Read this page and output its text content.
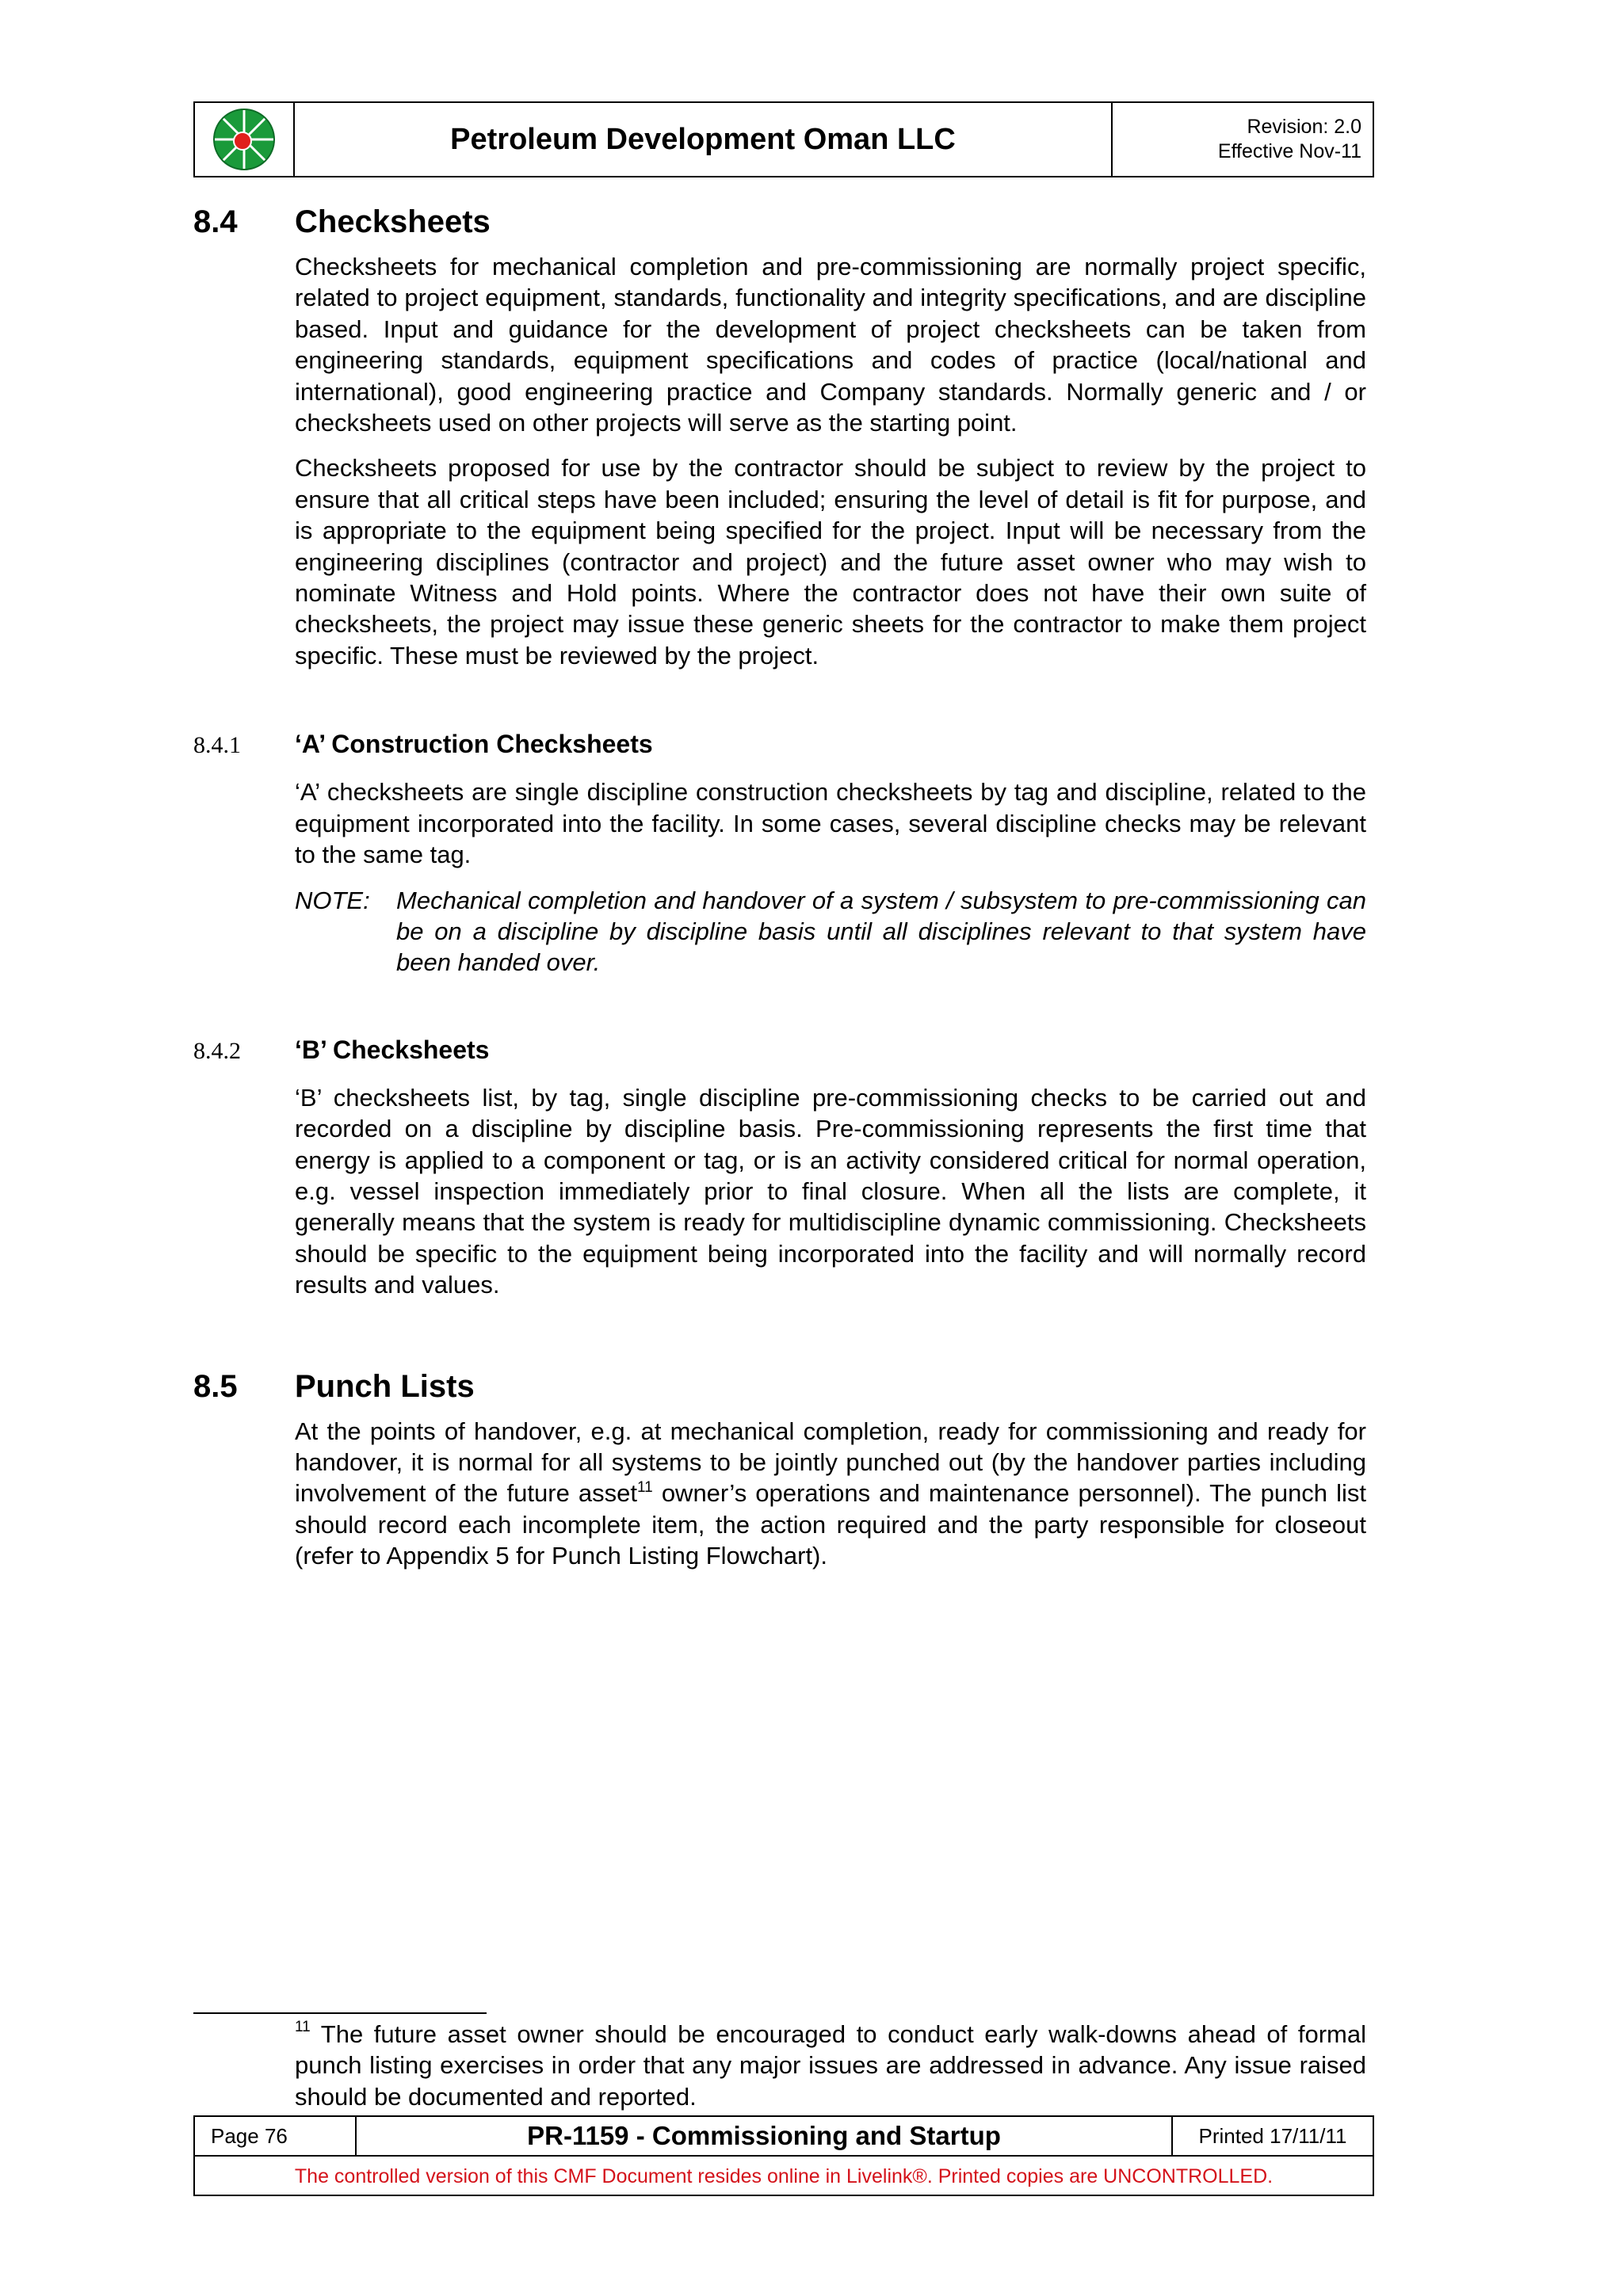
Petroleum Development Oman LLC	Revision: 2.0
Effective Nov-11
8.4	Checksheets

Checksheets for mechanical completion and pre-commissioning are normally project specific, related to project equipment, standards, functionality and integrity specifications, and are discipline based. Input and guidance for the development of project checksheets can be taken from engineering standards, equipment specifications and codes of practice (local/national and international), good engineering practice and Company standards. Normally generic and / or checksheets used on other projects will serve as the starting point.

Checksheets proposed for use by the contractor should be subject to review by the project to ensure that all critical steps have been included; ensuring the level of detail is fit for purpose, and is appropriate to the equipment being specified for the project. Input will be necessary from the engineering disciplines (contractor and project) and the future asset owner who may wish to nominate Witness and Hold points. Where the contractor does not have their own suite of checksheets, the project may issue these generic sheets for the contractor to make them project specific. These must be reviewed by the project.

8.4.1	‘A’ Construction Checksheets

‘A’ checksheets are single discipline construction checksheets by tag and discipline, related to the equipment incorporated into the facility. In some cases, several discipline checks may be relevant to the same tag.

NOTE:	Mechanical completion and handover of a system / subsystem to pre-commissioning can be on a discipline by discipline basis until all disciplines relevant to that system have been handed over.
8.4.2	‘B’ Checksheets

‘B’ checksheets list, by tag, single discipline pre-commissioning checks to be carried out and recorded on a discipline by discipline basis. Pre-commissioning represents the first time that energy is applied to a component or tag, or is an activity considered critical for normal operation, e.g. vessel inspection immediately prior to final closure. When all the lists are complete, it generally means that the system is ready for multidiscipline dynamic commissioning. Checksheets should be specific to the equipment being incorporated into the facility and will normally record results and values.

8.5	Punch Lists

At the points of handover, e.g. at mechanical completion, ready for commissioning and ready for handover, it is normal for all systems to be jointly punched out (by the handover parties including involvement of the future asset$^{11}$ owner’s operations and maintenance personnel). The punch list should record each incomplete item, the action required and the party responsible for closeout (refer to Appendix 5 for Punch Listing Flowchart).

$^{11}$ The future asset owner should be encouraged to conduct early walk-downs ahead of formal punch listing exercises in order that any major issues are addressed in advance. Any issue raised should be documented and reported.
Page 76	PR-1159 - Commissioning and Startup	Printed 17/11/11
The controlled version of this CMF Document resides online in Livelink®. Printed copies are UNCONTROLLED.
